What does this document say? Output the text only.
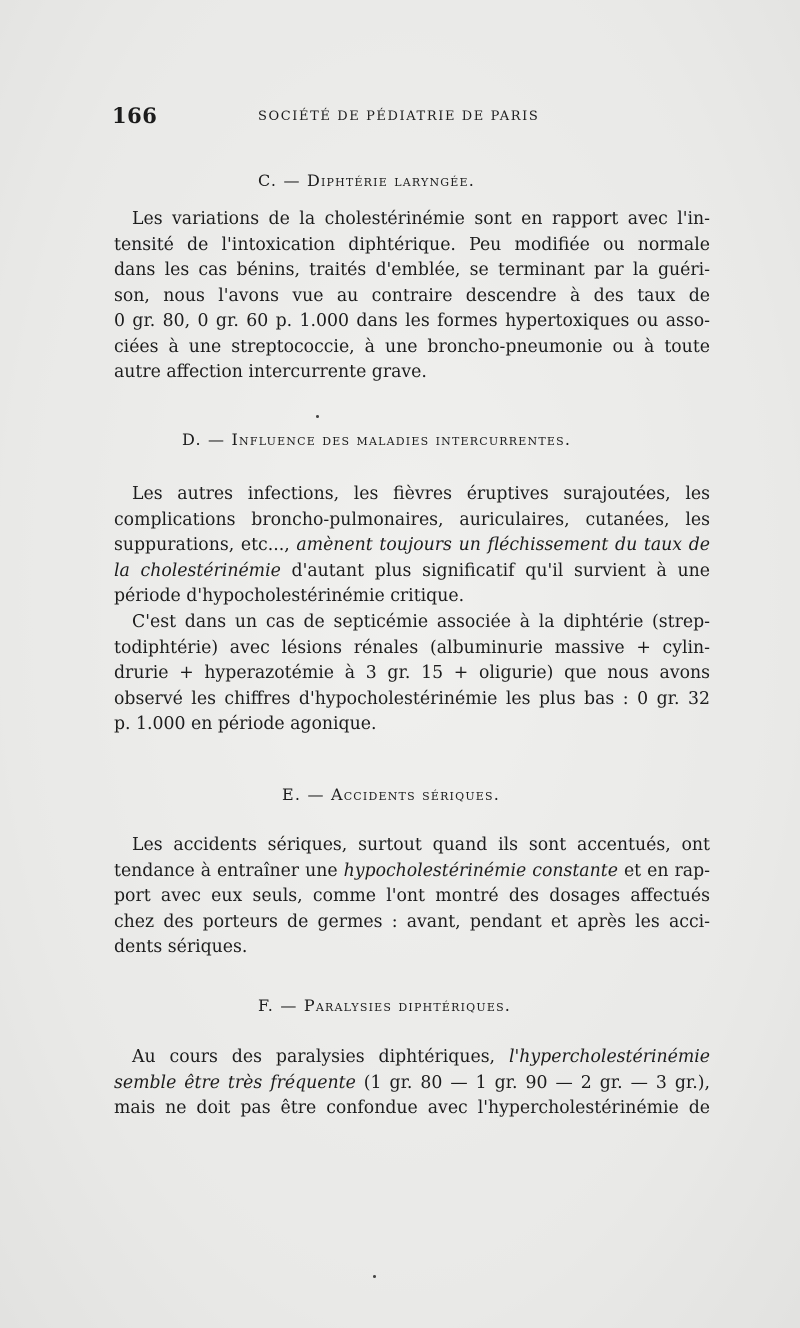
166	SOCIÉTÉ DE PÉDIATRIE DE PARIS
C. — Diphtérie laryngée.

Les variations de la cholestérinémie sont en rapport avec l'in-
tensité de l'intoxication diphtérique. Peu modifiée ou normale
dans les cas bénins, traités d'emblée, se terminant par la guéri-
son, nous l'avons vue au contraire descendre à des taux de
0 gr. 80, 0 gr. 60 p. 1.000 dans les formes hypertoxiques ou asso-
ciées à une streptococcie, à une broncho-pneumonie ou à toute
autre affection intercurrente grave.

D. — Influence des maladies intercurrentes.

Les autres infections, les fièvres éruptives surajoutées, les
complications broncho-pulmonaires, auriculaires, cutanées, les
suppurations, etc..., amènent toujours un fléchissement du taux de
la cholestérinémie d'autant plus significatif qu'il survient à une
période d'hypocholestérinémie critique.

C'est dans un cas de septicémie associée à la diphtérie (strep-
todiphtérie) avec lésions rénales (albuminurie massive + cylin-
drurie + hyperazotémie à 3 gr. 15 + oligurie) que nous avons
observé les chiffres d'hypocholestérinémie les plus bas : 0 gr. 32
p. 1.000 en période agonique.

E. — Accidents sériques.

Les accidents sériques, surtout quand ils sont accentués, ont
tendance à entraîner une hypocholestérinémie constante et en rap-
port avec eux seuls, comme l'ont montré des dosages affectués
chez des porteurs de germes : avant, pendant et après les acci-
dents sériques.

F. — Paralysies diphtériques.

Au cours des paralysies diphtériques, l'hypercholestérinémie
semble être très fréquente (1 gr. 80 — 1 gr. 90 — 2 gr. — 3 gr.),
mais ne doit pas être confondue avec l'hypercholestérinémie de
